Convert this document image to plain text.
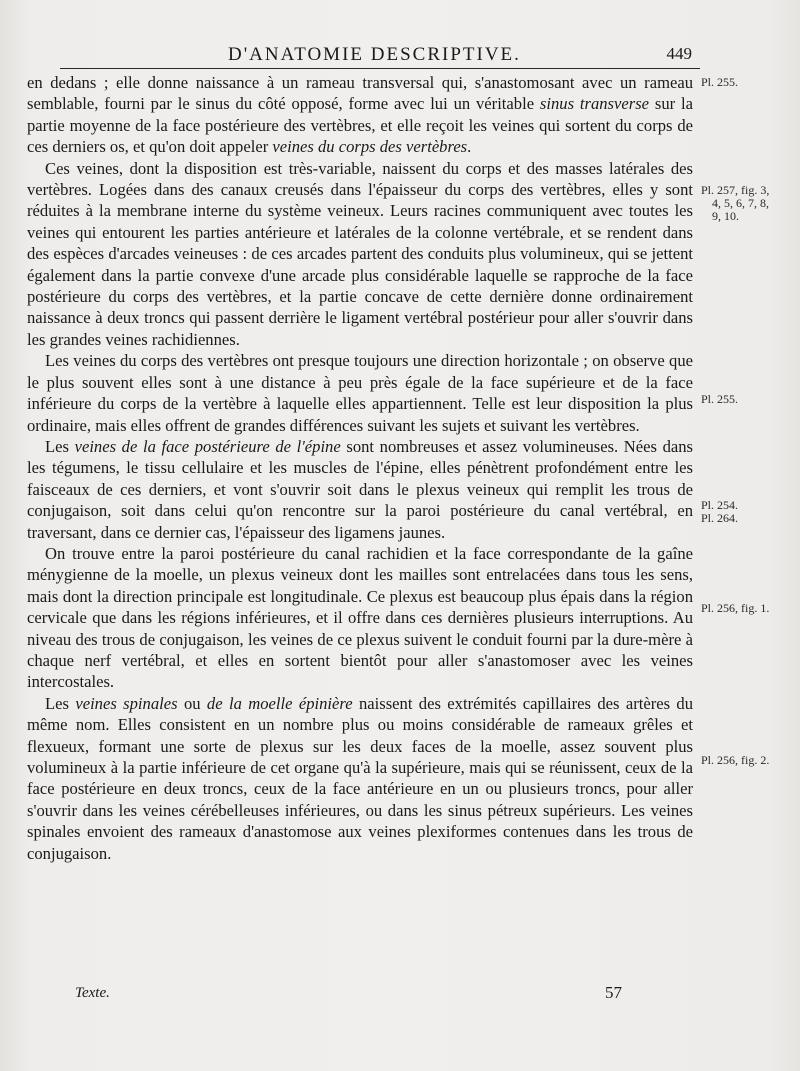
D'ANATOMIE DESCRIPTIVE.	449

en dedans ; elle donne naissance à un rameau transversal qui, s'anastomosant avec un rameau semblable, fourni par le sinus du côté opposé, forme avec lui un véritable sinus transverse sur la partie moyenne de la face postérieure des vertèbres, et elle reçoit les veines qui sortent du corps de ces derniers os, et qu'on doit appeler veines du corps des vertèbres.

Ces veines, dont la disposition est très-variable, naissent du corps et des masses latérales des vertèbres. Logées dans des canaux creusés dans l'épaisseur du corps des vertèbres, elles y sont réduites à la membrane interne du système veineux. Leurs racines communiquent avec toutes les veines qui entourent les parties antérieure et latérales de la colonne vertébrale, et se rendent dans des espèces d'arcades veineuses : de ces arcades partent des conduits plus volumineux, qui se jettent également dans la partie convexe d'une arcade plus considérable laquelle se rapproche de la face postérieure du corps des vertèbres, et la partie concave de cette dernière donne ordinairement naissance à deux troncs qui passent derrière le ligament vertébral postérieur pour aller s'ouvrir dans les grandes veines rachidiennes.

Les veines du corps des vertèbres ont presque toujours une direction horizontale ; on observe que le plus souvent elles sont à une distance à peu près égale de la face supérieure et de la face inférieure du corps de la vertèbre à laquelle elles appartiennent. Telle est leur disposition la plus ordinaire, mais elles offrent de grandes différences suivant les sujets et suivant les vertèbres.

Les veines de la face postérieure de l'épine sont nombreuses et assez volumineuses. Nées dans les tégumens, le tissu cellulaire et les muscles de l'épine, elles pénètrent profondément entre les faisceaux de ces derniers, et vont s'ouvrir soit dans le plexus veineux qui remplit les trous de conjugaison, soit dans celui qu'on rencontre sur la paroi postérieure du canal vertébral, en traversant, dans ce dernier cas, l'épaisseur des ligamens jaunes.

On trouve entre la paroi postérieure du canal rachidien et la face correspondante de la gaîne ménygienne de la moelle, un plexus veineux dont les mailles sont entrelacées dans tous les sens, mais dont la direction principale est longitudinale. Ce plexus est beaucoup plus épais dans la région cervicale que dans les régions inférieures, et il offre dans ces dernières plusieurs interruptions. Au niveau des trous de conjugaison, les veines de ce plexus suivent le conduit fourni par la dure-mère à chaque nerf vertébral, et elles en sortent bientôt pour aller s'anastomoser avec les veines intercostales.

Les veines spinales ou de la moelle épinière naissent des extrémités capillaires des artères du même nom. Elles consistent en un nombre plus ou moins considérable de rameaux grêles et flexueux, formant une sorte de plexus sur les deux faces de la moelle, assez souvent plus volumineux à la partie inférieure de cet organe qu'à la supérieure, mais qui se réunissent, ceux de la face postérieure en deux troncs, ceux de la face antérieure en un ou plusieurs troncs, pour aller s'ouvrir dans les veines cérébelleuses inférieures, ou dans les sinus pétreux supérieurs. Les veines spinales envoient des rameaux d'anastomose aux veines plexiformes contenues dans les trous de conjugaison.

Pl. 255.
Pl. 257, fig. 3,
4, 5, 6, 7, 8,
9, 10.
Pl. 255.
Pl. 254.
Pl. 264.
Pl. 256, fig. 1.
Pl. 256, fig. 2.
Texte.	57
